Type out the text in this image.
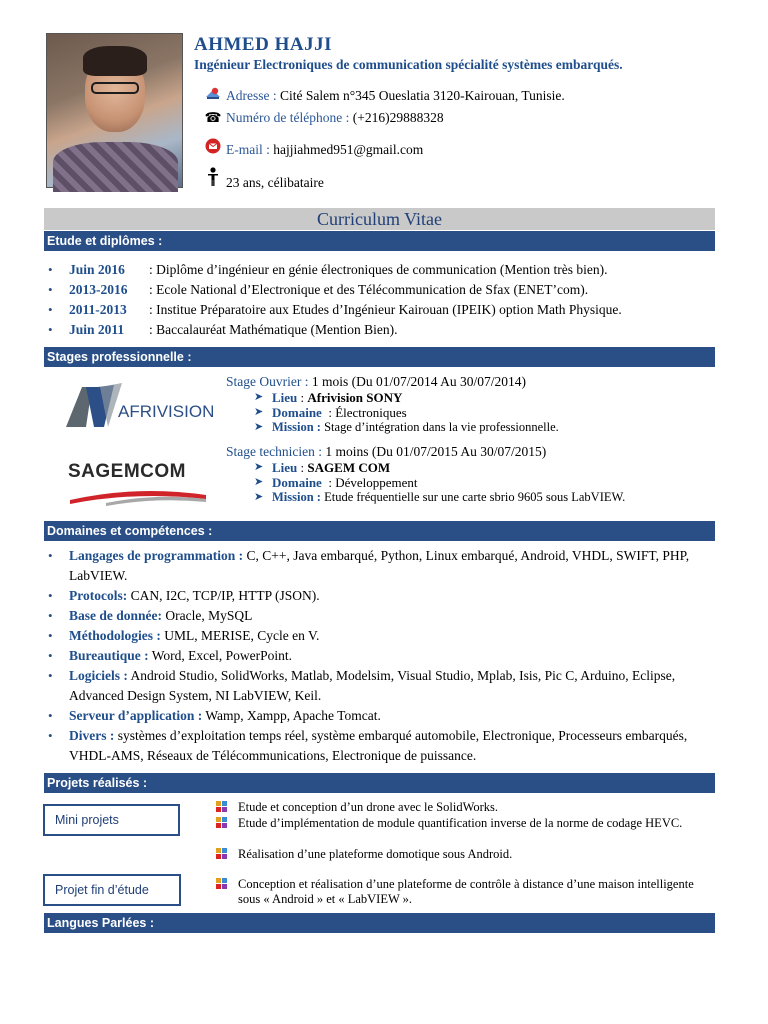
AHMED HAJJI
Ingénieur Electroniques de communication spécialité systèmes embarqués.
Adresse : Cité Salem n°345 Oueslatia 3120-Kairouan, Tunisie.
☎ Numéro de téléphone : (+216)29888328
E-mail : hajjiahmed951@gmail.com
23 ans, célibataire
Curriculum Vitae
Etude et diplômes :
• Juin 2016 : Diplôme d’ingénieur en génie électroniques de communication (Mention très bien).
• 2013-2016 : Ecole National d’Electronique et des Télécommunication de Sfax (ENET’com).
• 2011-2013 : Institue Préparatoire aux Etudes d’Ingénieur Kairouan (IPEIK) option Math Physique.
• Juin 2011 : Baccalauréat Mathématique (Mention Bien).
Stages professionnelle :
AFRIVISION
SAGEMCOM
Stage Ouvrier : 1 mois (Du 01/07/2014 Au 30/07/2014)
➤ Lieu : Afrivision SONY
➤ Domaine  : Électroniques
➤ Mission : Stage d’intégration dans la vie professionnelle.
Stage technicien : 1 moins (Du 01/07/2015 Au 30/07/2015)
➤ Lieu : SAGEM COM
➤ Domaine  : Développement
➤ Mission : Etude fréquentielle sur une carte sbrio 9605 sous LabVIEW.
Domaines et compétences :
• Langages de programmation : C, C++, Java embarqué, Python, Linux embarqué, Android, VHDL, SWIFT, PHP, LabVIEW.
• Protocols: CAN, I2C, TCP/IP, HTTP (JSON).
• Base de donnée: Oracle, MySQL
• Méthodologies : UML, MERISE, Cycle en V.
• Bureautique : Word, Excel, PowerPoint.
• Logiciels : Android Studio, SolidWorks, Matlab, Modelsim, Visual Studio, Mplab, Isis, Pic C, Arduino, Eclipse, Advanced Design System, NI LabVIEW, Keil.
• Serveur d’application : Wamp, Xampp, Apache Tomcat.
• Divers : systèmes d’exploitation temps réel, système embarqué automobile, Electronique, Processeurs embarqués, VHDL-AMS, Réseaux de Télécommunications, Electronique de puissance.
Projets réalisés :
Mini projets
Etude et conception d’un drone avec le SolidWorks.
Etude d’implémentation de module quantification inverse de la norme de codage HEVC.
Réalisation d’une plateforme domotique sous Android.
Projet fin d’étude	Conception et réalisation d’une plateforme de contrôle à distance d’une maison intelligente sous « Android » et « LabVIEW ».
Langues Parlées :
